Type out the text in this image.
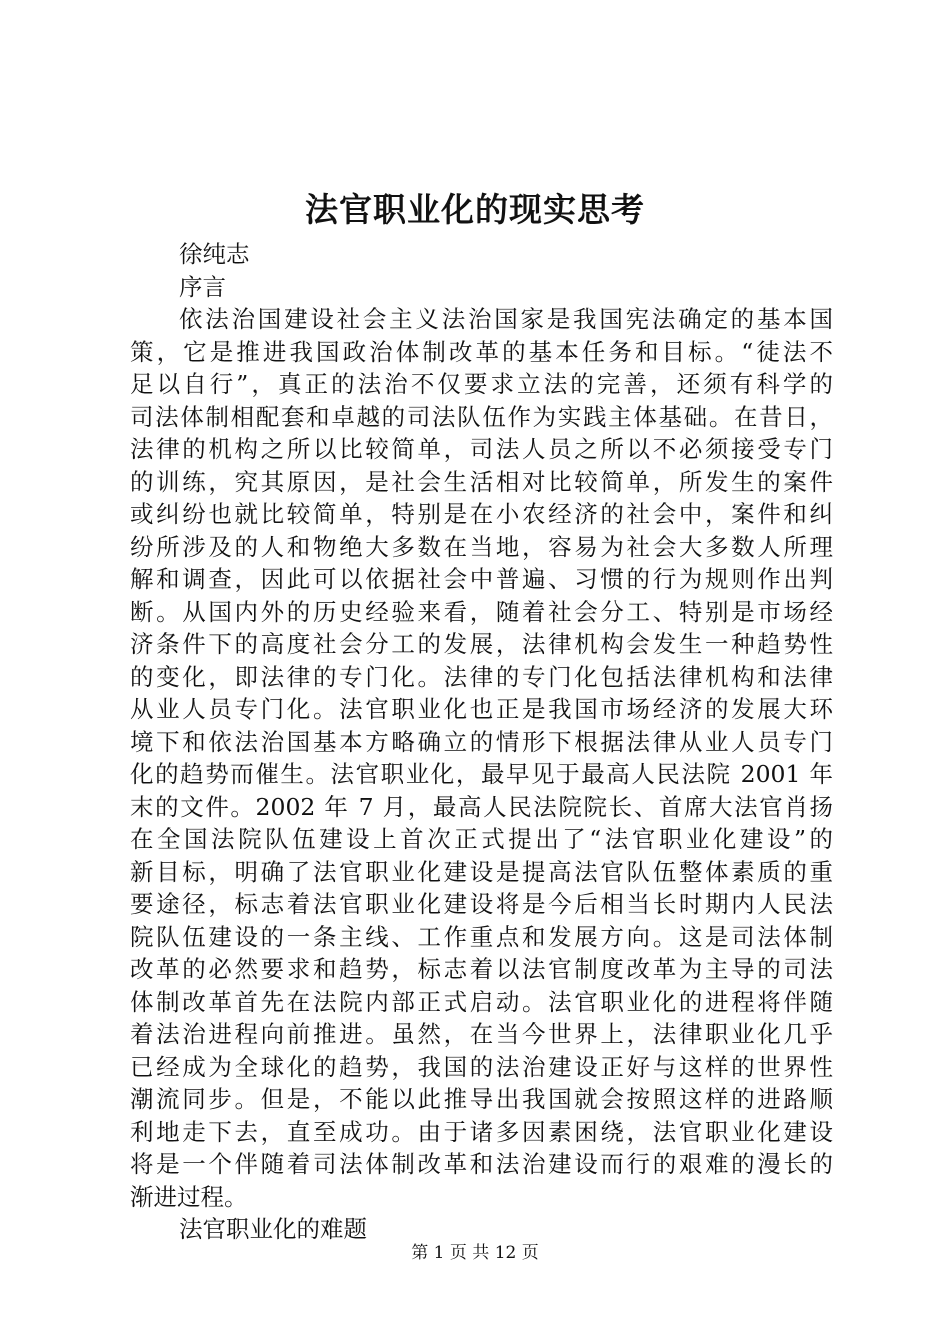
法官职业化的现实思考
徐纯志
序言
依法治国建设社会主义法治国家是我国宪法确定的基本国
策，它是推进我国政治体制改革的基本任务和目标。“徒法不
足以自行”，真正的法治不仅要求立法的完善，还须有科学的
司法体制相配套和卓越的司法队伍作为实践主体基础。在昔日，
法律的机构之所以比较简单，司法人员之所以不必须接受专门
的训练，究其原因，是社会生活相对比较简单，所发生的案件
或纠纷也就比较简单，特别是在小农经济的社会中，案件和纠
纷所涉及的人和物绝大多数在当地，容易为社会大多数人所理
解和调查，因此可以依据社会中普遍、习惯的行为规则作出判
断。从国内外的历史经验来看，随着社会分工、特别是市场经
济条件下的高度社会分工的发展，法律机构会发生一种趋势性
的变化，即法律的专门化。法律的专门化包括法律机构和法律
从业人员专门化。法官职业化也正是我国市场经济的发展大环
境下和依法治国基本方略确立的情形下根据法律从业人员专门
化的趋势而催生。法官职业化，最早见于最高人民法院 2001 年
末的文件。2002 年 7 月，最高人民法院院长、首席大法官肖扬
在全国法院队伍建设上首次正式提出了“法官职业化建设”的
新目标，明确了法官职业化建设是提高法官队伍整体素质的重
要途径，标志着法官职业化建设将是今后相当长时期内人民法
院队伍建设的一条主线、工作重点和发展方向。这是司法体制
改革的必然要求和趋势，标志着以法官制度改革为主导的司法
体制改革首先在法院内部正式启动。法官职业化的进程将伴随
着法治进程向前推进。虽然，在当今世界上，法律职业化几乎
已经成为全球化的趋势，我国的法治建设正好与这样的世界性
潮流同步。但是，不能以此推导出我国就会按照这样的进路顺
利地走下去，直至成功。由于诸多因素困绕，法官职业化建设
将是一个伴随着司法体制改革和法治建设而行的艰难的漫长的
渐进过程。
法官职业化的难题
第 1 页 共 12 页
